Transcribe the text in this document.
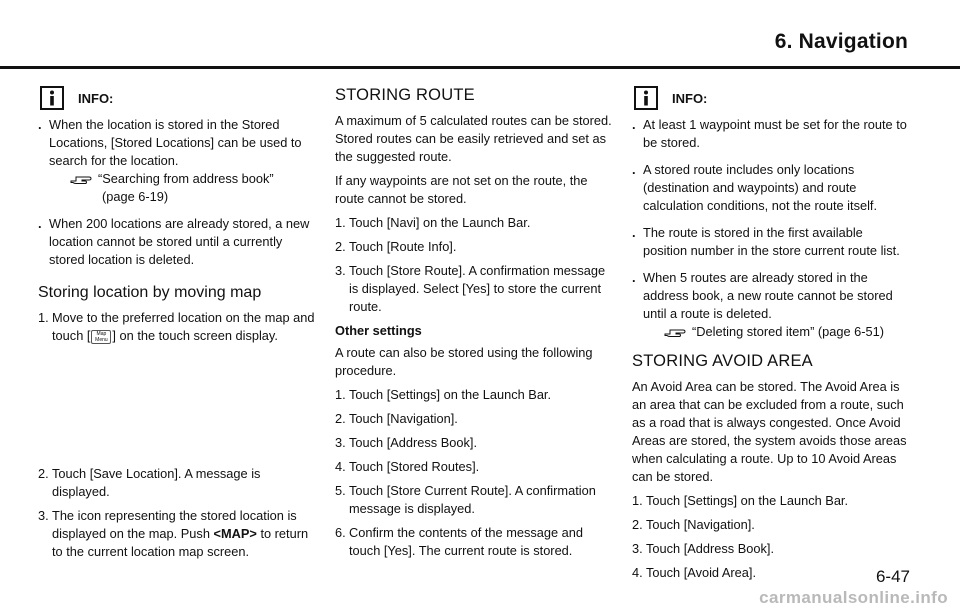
6. Navigation
INFO:
. When the location is stored in the Stored Locations, [Stored Locations] can be used to search for the location.
“Searching from address book”
(page 6-19)
. When 200 locations are already stored, a new location cannot be stored until a currently stored location is deleted.
Storing location by moving map
1. Move to the preferred location on the map and touch [ Map
Menu ] on the touch screen display.
2. Touch [Save Location]. A message is displayed.
3. The icon representing the stored location is displayed on the map. Push <MAP> to return to the current location map screen.
STORING ROUTE

A maximum of 5 calculated routes can be stored. Stored routes can be easily retrieved and set as the suggested route.

If any waypoints are not set on the route, the route cannot be stored.

1. Touch [Navi] on the Launch Bar.
2. Touch [Route Info].
3. Touch [Store Route]. A confirmation message is displayed. Select [Yes] to store the current route.

Other settings

A route can also be stored using the following procedure.

1. Touch [Settings] on the Launch Bar.
2. Touch [Navigation].
3. Touch [Address Book].
4. Touch [Stored Routes].
5. Touch [Store Current Route]. A confirmation message is displayed.
6. Confirm the contents of the message and touch [Yes]. The current route is stored.
INFO:
. At least 1 waypoint must be set for the route to be stored.
. A stored route includes only locations (destination and waypoints) and route calculation conditions, not the route itself.
. The route is stored in the first available position number in the store current route list.
. When 5 routes are already stored in the address book, a new route cannot be stored until a route is deleted.
“Deleting stored item” (page 6-51)
STORING AVOID AREA

An Avoid Area can be stored. The Avoid Area is an area that can be excluded from a route, such as a road that is always congested. Once Avoid Areas are stored, the system avoids those areas when calculating a route. Up to 10 Avoid Areas can be stored.

1. Touch [Settings] on the Launch Bar.
2. Touch [Navigation].
3. Touch [Address Book].
4. Touch [Avoid Area].	6-47
carmanualsonline.info
